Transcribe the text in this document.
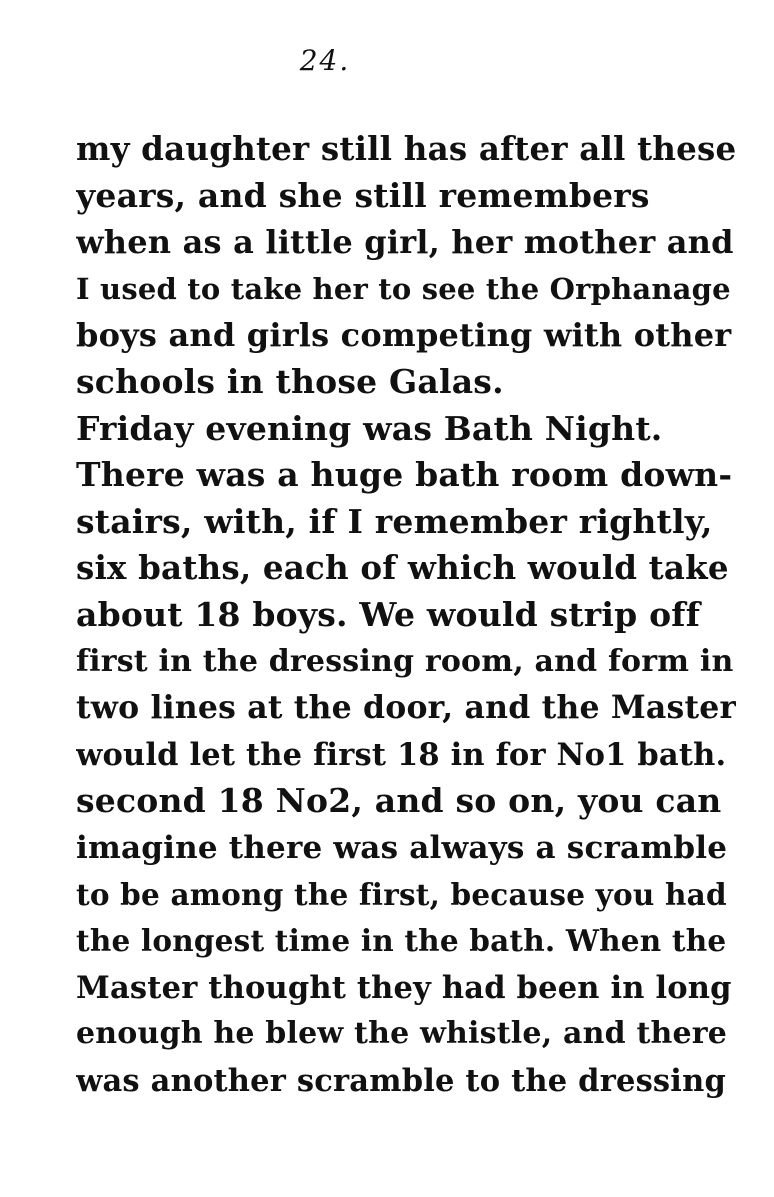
24.
my daughter still has after all these
years, and she still remembers
when as a little girl, her mother and
I used to take her to see the Orphanage
boys and girls competing with other
schools in those Galas.
Friday evening was Bath Night.
There was a huge bath room down-
stairs, with, if I remember rightly,
six baths, each of which would take
about 18 boys. We would strip off
first in the dressing room, and form in
two lines at the door, and the Master
would let the first 18 in for No1 bath.
second 18 No2, and so on, you can
imagine there was always a scramble
to be among the first, because you had
the longest time in the bath. When the
Master thought they had been in long
enough he blew the whistle, and there
was another scramble to the dressing
